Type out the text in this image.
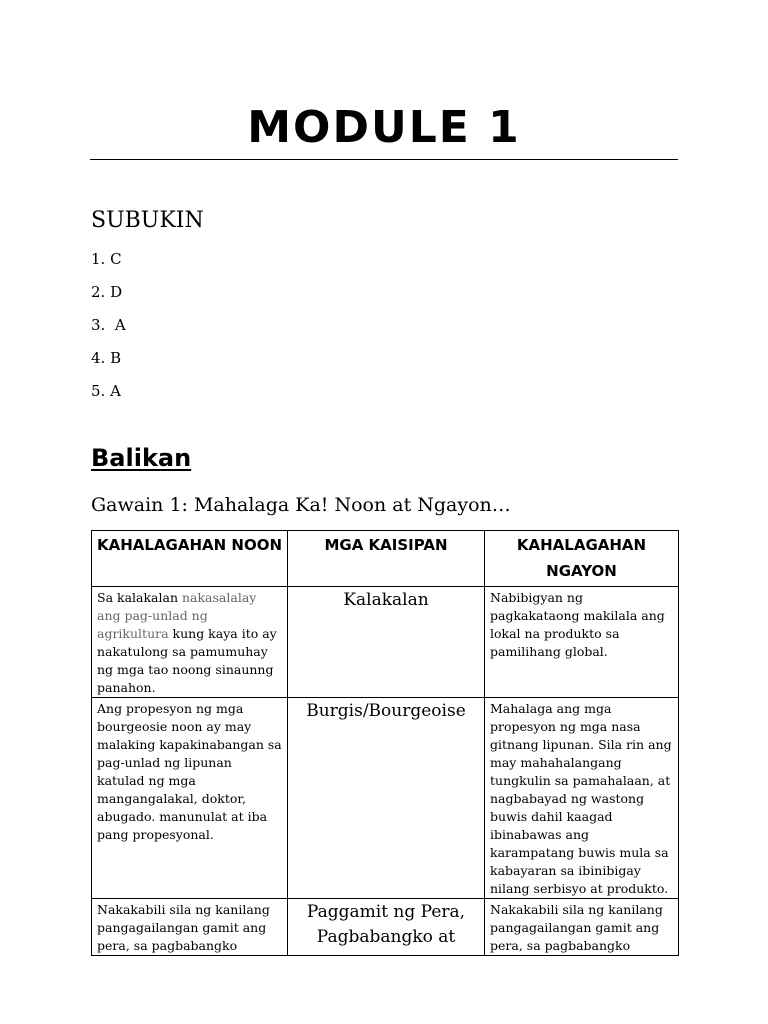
MODULE 1
SUBUKIN
1. C
2. D
3.  A
4. B
5. A
Balikan
Gawain 1: Mahalaga Ka! Noon at Ngayon…
KAHALAGAHAN NOON	MGA KAISIPAN	KAHALAGAHAN NGAYON
Sa kalakalan nakasalalay ang pag-unlad ng agrikultura kung kaya ito ay nakatulong sa pamumuhay ng mga tao noong sinaunng panahon.	Kalakalan	Nabibigyan ng pagkakataong makilala ang lokal na produkto sa pamilihang global.
Ang propesyon ng mga bourgeosie noon ay may malaking kapakinabangan sa pag-unlad ng lipunan katulad ng mga mangangalakal, doktor, abugado. manunulat at iba pang propesyonal.	Burgis/Bourgeoise	Mahalaga ang mga propesyon ng mga nasa gitnang lipunan. Sila rin ang may mahahalangang tungkulin sa pamahalaan, at nagbabayad ng wastong buwis dahil kaagad ibinabawas ang karampatang buwis mula sa kabayaran sa ibinibigay nilang serbisyo at produkto.
Nakakabili sila ng kanilang pangagailangan gamit ang pera, sa pagbabangko	Paggamit ng Pera, Pagbabangko at	Nakakabili sila ng kanilang pangagailangan gamit ang pera, sa pagbabangko
